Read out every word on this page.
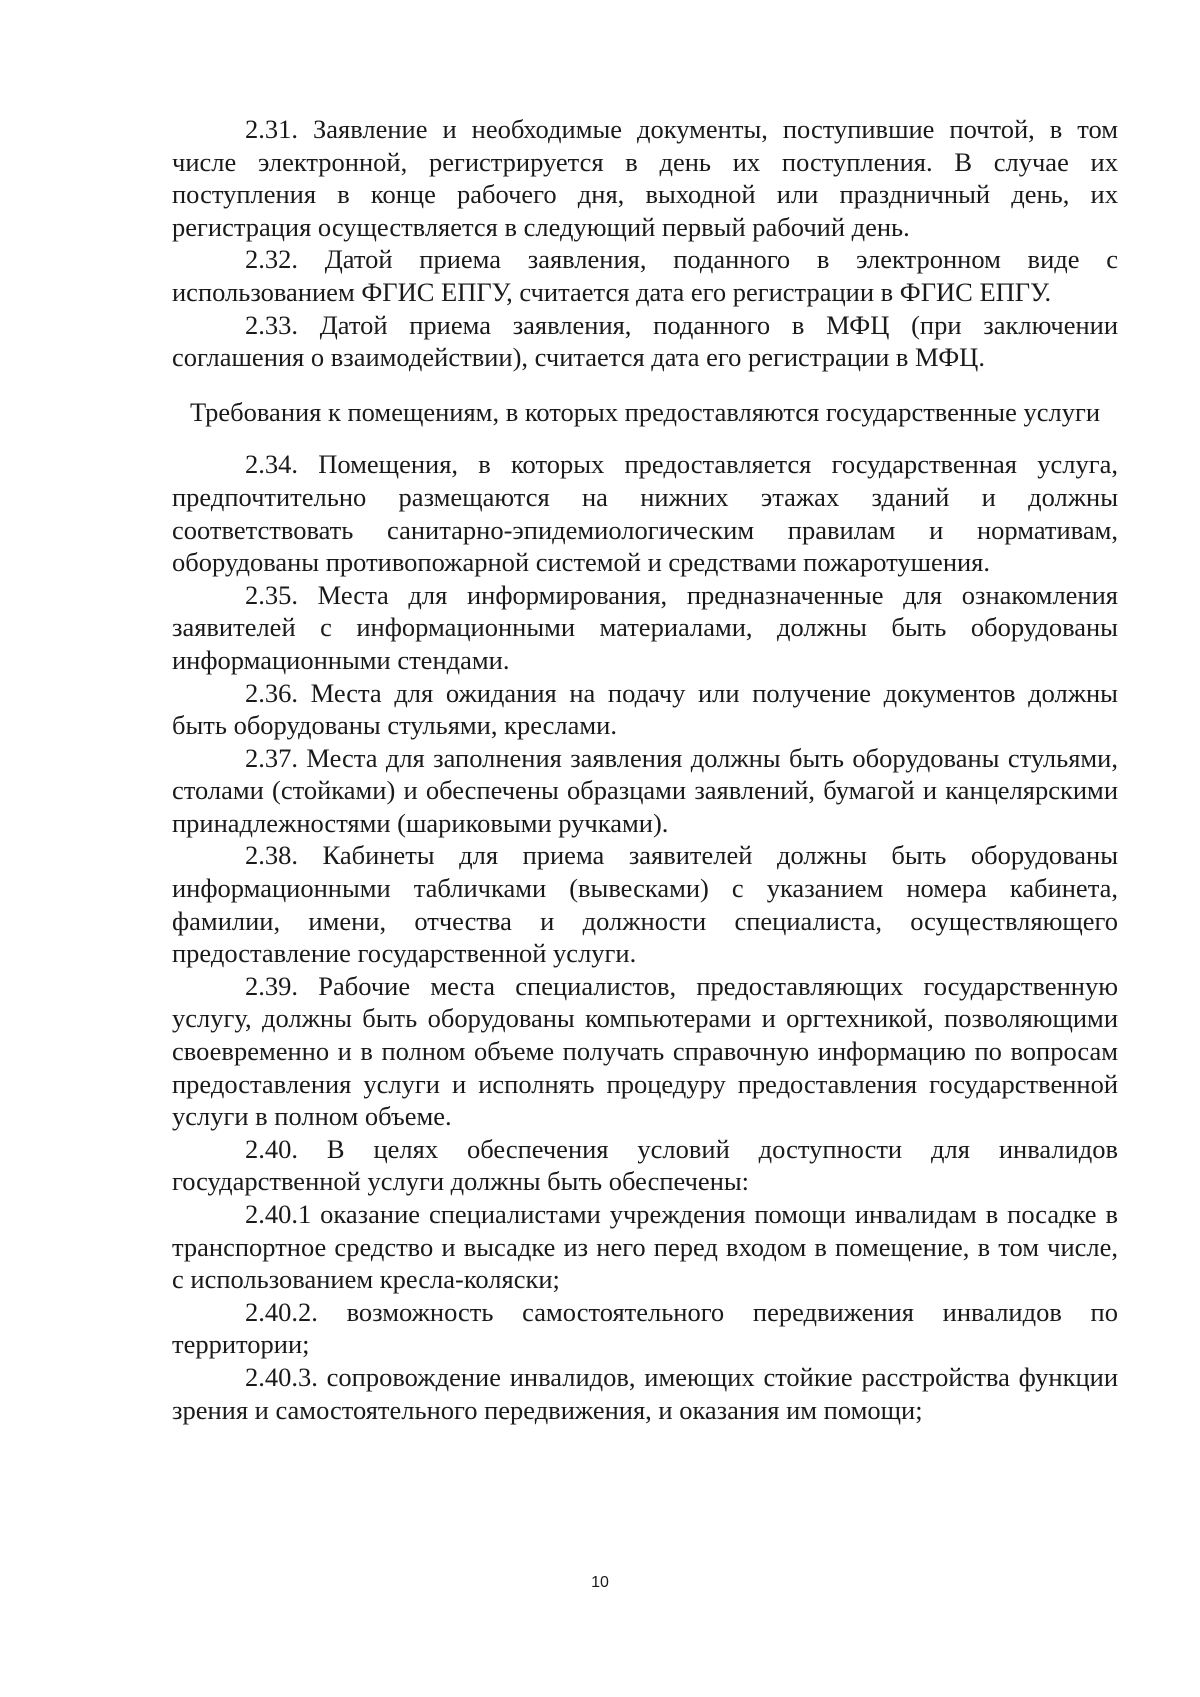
2.31. Заявление и необходимые документы, поступившие почтой, в том числе электронной, регистрируется в день их поступления. В случае их поступления в конце рабочего дня, выходной или праздничный день, их регистрация осуществляется в следующий первый рабочий день.

2.32. Датой приема заявления, поданного в электронном виде с использованием ФГИС ЕПГУ, считается дата его регистрации в ФГИС ЕПГУ.

2.33. Датой приема заявления, поданного в МФЦ (при заключении соглашения о взаимодействии), считается дата его регистрации в МФЦ.

Требования к помещениям, в которых предоставляются государственные услуги

2.34. Помещения, в которых предоставляется государственная услуга, предпочтительно размещаются на нижних этажах зданий и должны соответствовать санитарно-эпидемиологическим правилам и нормативам, оборудованы противопожарной системой и средствами пожаротушения.

2.35. Места для информирования, предназначенные для ознакомления заявителей с информационными материалами, должны быть оборудованы информационными стендами.

2.36. Места для ожидания на подачу или получение документов должны быть оборудованы стульями, креслами.

2.37. Места для заполнения заявления должны быть оборудованы стульями, столами (стойками) и обеспечены образцами заявлений, бумагой и канцелярскими принадлежностями (шариковыми ручками).

2.38. Кабинеты для приема заявителей должны быть оборудованы информационными табличками (вывесками) с указанием номера кабинета, фамилии, имени, отчества и должности специалиста, осуществляющего предоставление государственной услуги.

2.39. Рабочие места специалистов, предоставляющих государственную услугу, должны быть оборудованы компьютерами и оргтехникой, позволяющими своевременно и в полном объеме получать справочную информацию по вопросам предоставления услуги и исполнять процедуру предоставления государственной услуги в полном объеме.

2.40. В целях обеспечения условий доступности для инвалидов государственной услуги должны быть обеспечены:

2.40.1 оказание специалистами учреждения помощи инвалидам в посадке в транспортное средство и высадке из него перед входом в помещение, в том числе, с использованием кресла-коляски;

2.40.2. возможность самостоятельного передвижения инвалидов по территории;

2.40.3. сопровождение инвалидов, имеющих стойкие расстройства функции зрения и самостоятельного передвижения, и оказания им помощи;

10
